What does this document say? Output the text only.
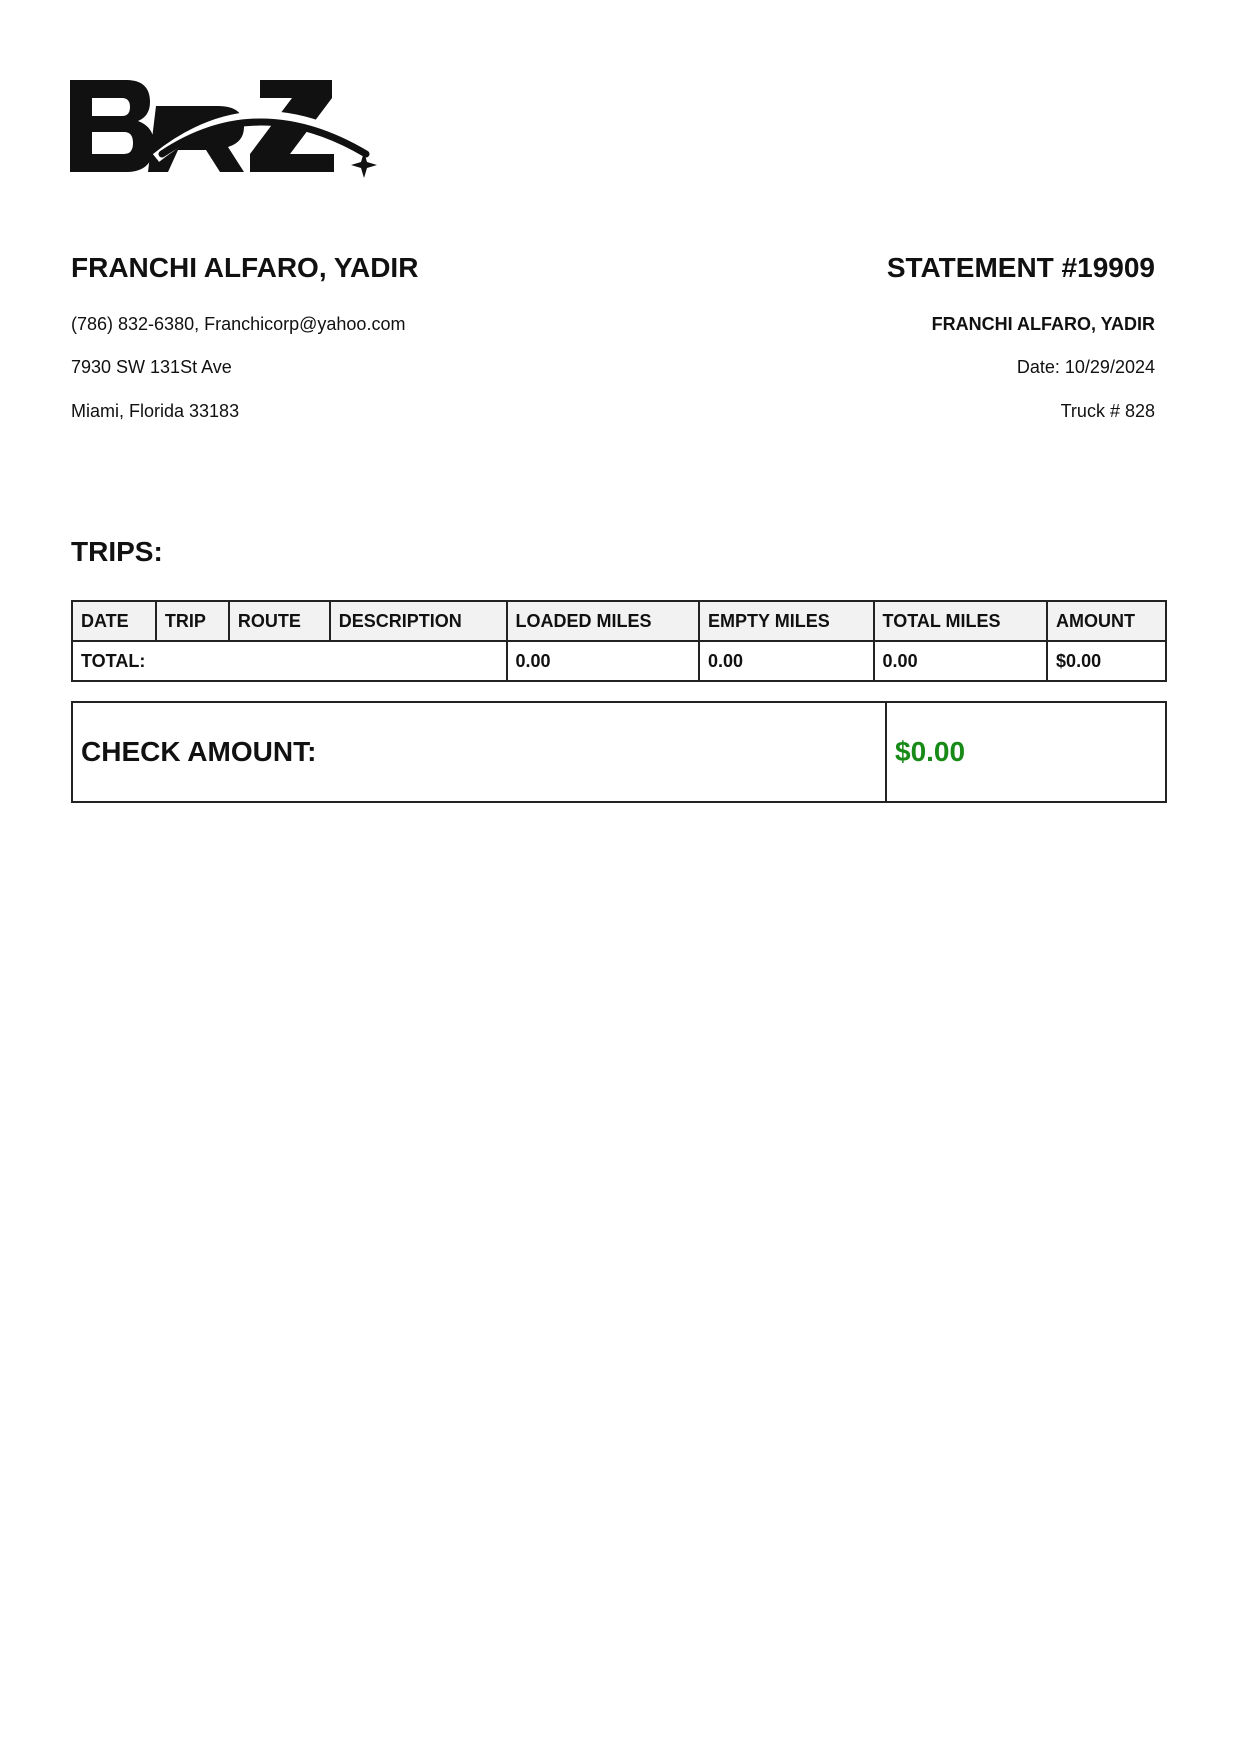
FRANCHI ALFARO, YADIR
(786) 832-6380, Franchicorp@yahoo.com
7930 SW 131St Ave
Miami, Florida 33183
STATEMENT #19909
FRANCHI ALFARO, YADIR
Date: 10/29/2024
Truck # 828
TRIPS:
DATE	TRIP	ROUTE	DESCRIPTION	LOADED MILES	EMPTY MILES	TOTAL MILES	AMOUNT
TOTAL:				0.00	0.00	0.00	$0.00
CHECK AMOUNT:	$0.00
